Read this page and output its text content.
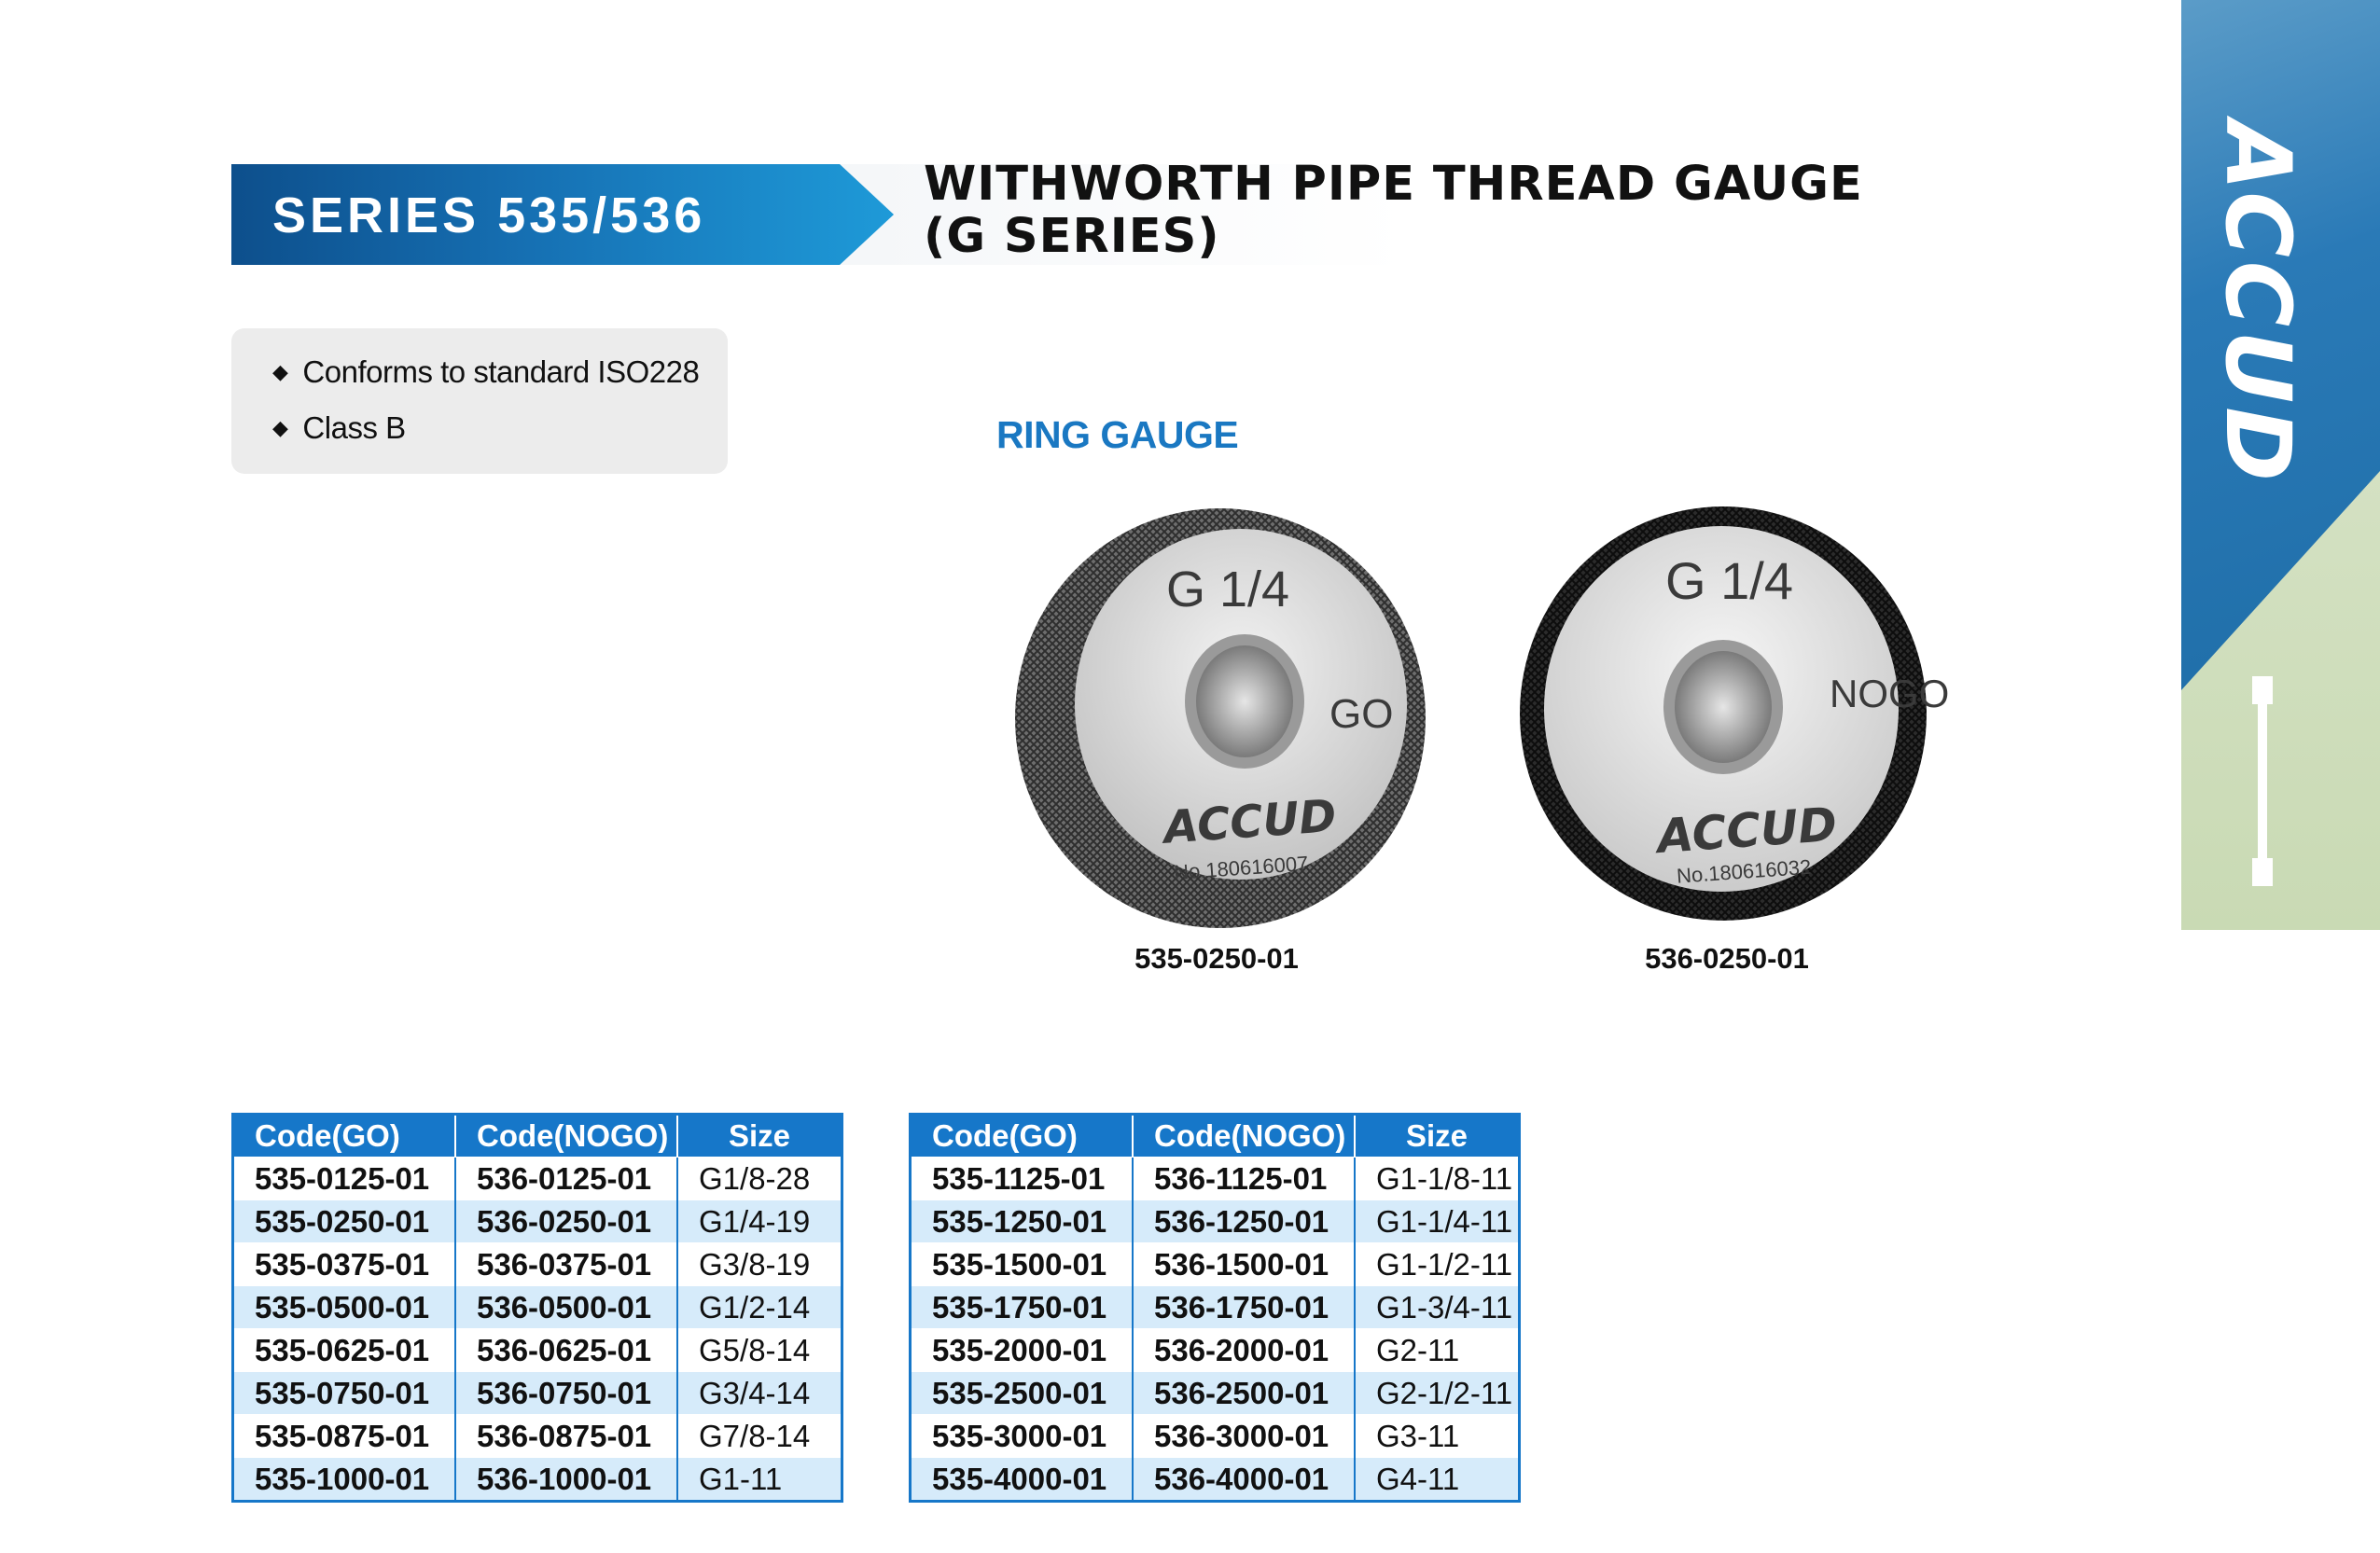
SERIES 535/536
WITHWORTH PIPE THREAD GAUGE
(G SERIES)
◆ Conforms to standard ISO228
◆ Class B	RING GAUGE
G 1/4
GO
ACCUD
No.180616007
G 1/4
NOGO
ACCUD
No.180616032
535-0250-01	536-0250-01
ACCUD
Code(GO)	Code(NOGO)	Size
535-0125-01	536-0125-01	G1/8-28
535-0250-01	536-0250-01	G1/4-19
535-0375-01	536-0375-01	G3/8-19
535-0500-01	536-0500-01	G1/2-14
535-0625-01	536-0625-01	G5/8-14
535-0750-01	536-0750-01	G3/4-14
535-0875-01	536-0875-01	G7/8-14
535-1000-01	536-1000-01	G1-11
Code(GO)	Code(NOGO)	Size
535-1125-01	536-1125-01	G1-1/8-11
535-1250-01	536-1250-01	G1-1/4-11
535-1500-01	536-1500-01	G1-1/2-11
535-1750-01	536-1750-01	G1-3/4-11
535-2000-01	536-2000-01	G2-11
535-2500-01	536-2500-01	G2-1/2-11
535-3000-01	536-3000-01	G3-11
535-4000-01	536-4000-01	G4-11
